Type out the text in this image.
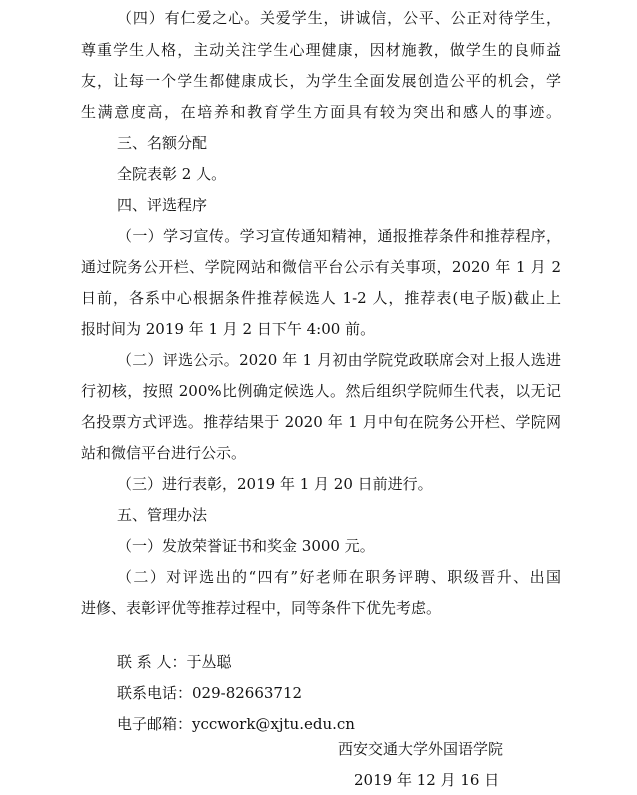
（四）有仁爱之心。关爱学生，讲诚信，公平、公正对待学生，
尊重学生人格，主动关注学生心理健康，因材施教，做学生的良师益
友，让每一个学生都健康成长，为学生全面发展创造公平的机会，学
生满意度高，在培养和教育学生方面具有较为突出和感人的事迹。
三、名额分配
全院表彰 2 人。
四、评选程序
（一）学习宣传。学习宣传通知精神，通报推荐条件和推荐程序，
通过院务公开栏、学院网站和微信平台公示有关事项，2020 年 1 月 2
日前，各系中心根据条件推荐候选人 1-2 人，推荐表(电子版)截止上
报时间为 2019 年 1 月 2 日下午 4:00 前。
（二）评选公示。2020 年 1 月初由学院党政联席会对上报人选进
行初核，按照 200%比例确定候选人。然后组织学院师生代表，以无记
名投票方式评选。推荐结果于 2020 年 1 月中旬在院务公开栏、学院网
站和微信平台进行公示。
（三）进行表彰，2019 年 1 月 20 日前进行。
五、管理办法
（一）发放荣誉证书和奖金 3000 元。
（二）对评选出的“四有”好老师在职务评聘、职级晋升、出国
进修、表彰评优等推荐过程中，同等条件下优先考虑。
联 系 人：于丛聪
联系电话：029-82663712
电子邮箱：yccwork@xjtu.edu.cn
西安交通大学外国语学院
2019 年 12 月 16 日
